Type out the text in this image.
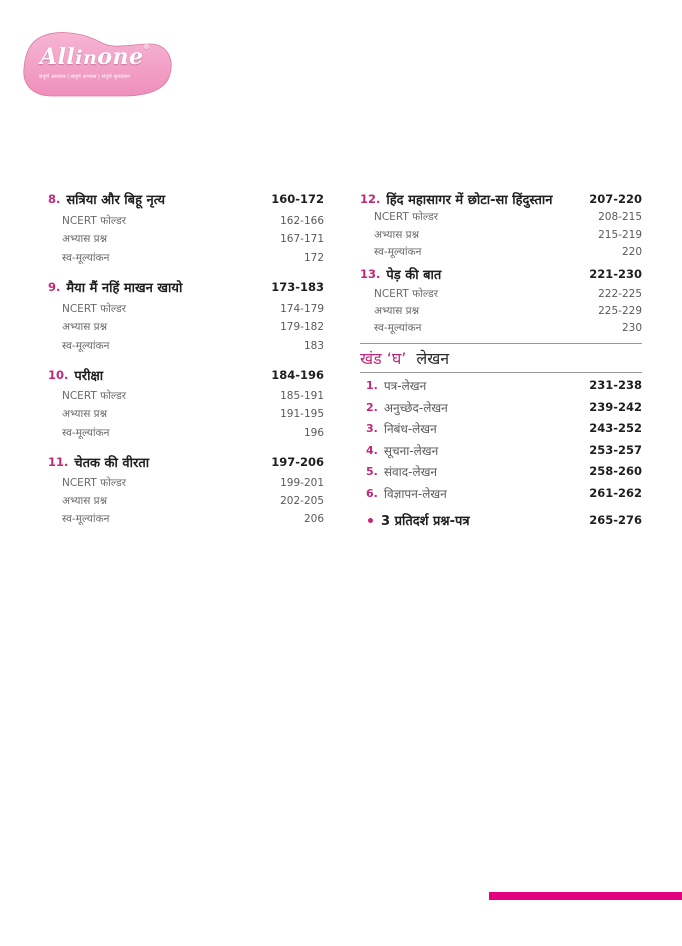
Allinone®
संपूर्ण अध्ययन | संपूर्ण अभ्यास | संपूर्ण मूल्यांकन
8. सत्रिया और बिहू नृत्य	160-172
NCERT फोल्डर	162-166
अभ्यास प्रश्न	167-171
स्व-मूल्यांकन	172
9. मैया मैं नहिं माखन खायो	173-183
NCERT फोल्डर	174-179
अभ्यास प्रश्न	179-182
स्व-मूल्यांकन	183
10. परीक्षा	184-196
NCERT फोल्डर	185-191
अभ्यास प्रश्न	191-195
स्व-मूल्यांकन	196
11. चेतक की वीरता	197-206
NCERT फोल्डर	199-201
अभ्यास प्रश्न	202-205
स्व-मूल्यांकन	206
12. हिंद महासागर में छोटा-सा हिंदुस्तान	207-220
NCERT फोल्डर	208-215
अभ्यास प्रश्न	215-219
स्व-मूल्यांकन	220
13. पेड़ की बात	221-230
NCERT फोल्डर	222-225
अभ्यास प्रश्न	225-229
स्व-मूल्यांकन	230
खंड ‘घ’ लेखन
1. पत्र-लेखन	231-238
2. अनुच्छेद-लेखन	239-242
3. निबंध-लेखन	243-252
4. सूचना-लेखन	253-257
5. संवाद-लेखन	258-260
6. विज्ञापन-लेखन	261-262
3 प्रतिदर्श प्रश्न-पत्र	265-276
